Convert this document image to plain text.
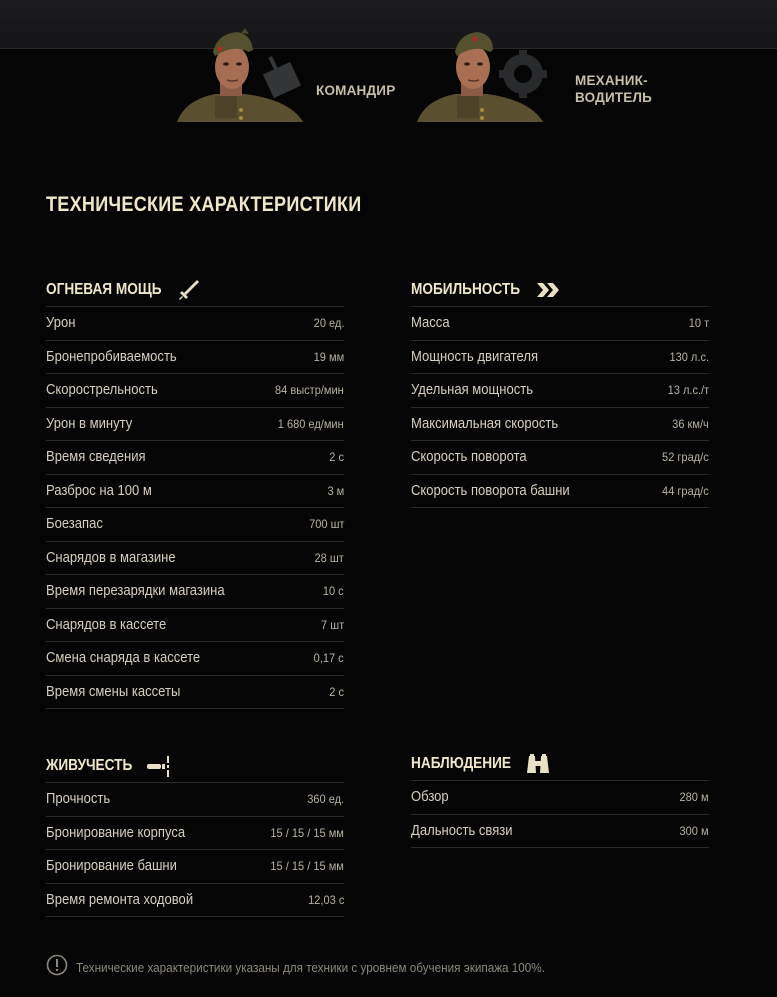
КОМАНДИР
МЕХАНИК-
ВОДИТЕЛЬ
ТЕХНИЧЕСКИЕ ХАРАКТЕРИСТИКИ
ОГНЕВАЯ МОЩЬ
Урон	20 ед.
Бронепробиваемость	19 мм
Скорострельность	84 выстр/мин
Урон в минуту	1 680 ед/мин
Время сведения	2 с
Разброс на 100 м	3 м
Боезапас	700 шт
Снарядов в магазине	28 шт
Время перезарядки магазина	10 с
Снарядов в кассете	7 шт
Смена снаряда в кассете	0,17 с
Время смены кассеты	2 с
МОБИЛЬНОСТЬ
Масса	10 т
Мощность двигателя	130 л.с.
Удельная мощность	13 л.с./т
Максимальная скорость	36 км/ч
Скорость поворота	52 град/с
Скорость поворота башни	44 град/с
ЖИВУЧЕСТЬ
Прочность	360 ед.
Бронирование корпуса	15 / 15 / 15 мм
Бронирование башни	15 / 15 / 15 мм
Время ремонта ходовой	12,03 с
НАБЛЮДЕНИЕ
Обзор	280 м
Дальность связи	300 м
Технические характеристики указаны для техники с уровнем обучения экипажа 100%.
